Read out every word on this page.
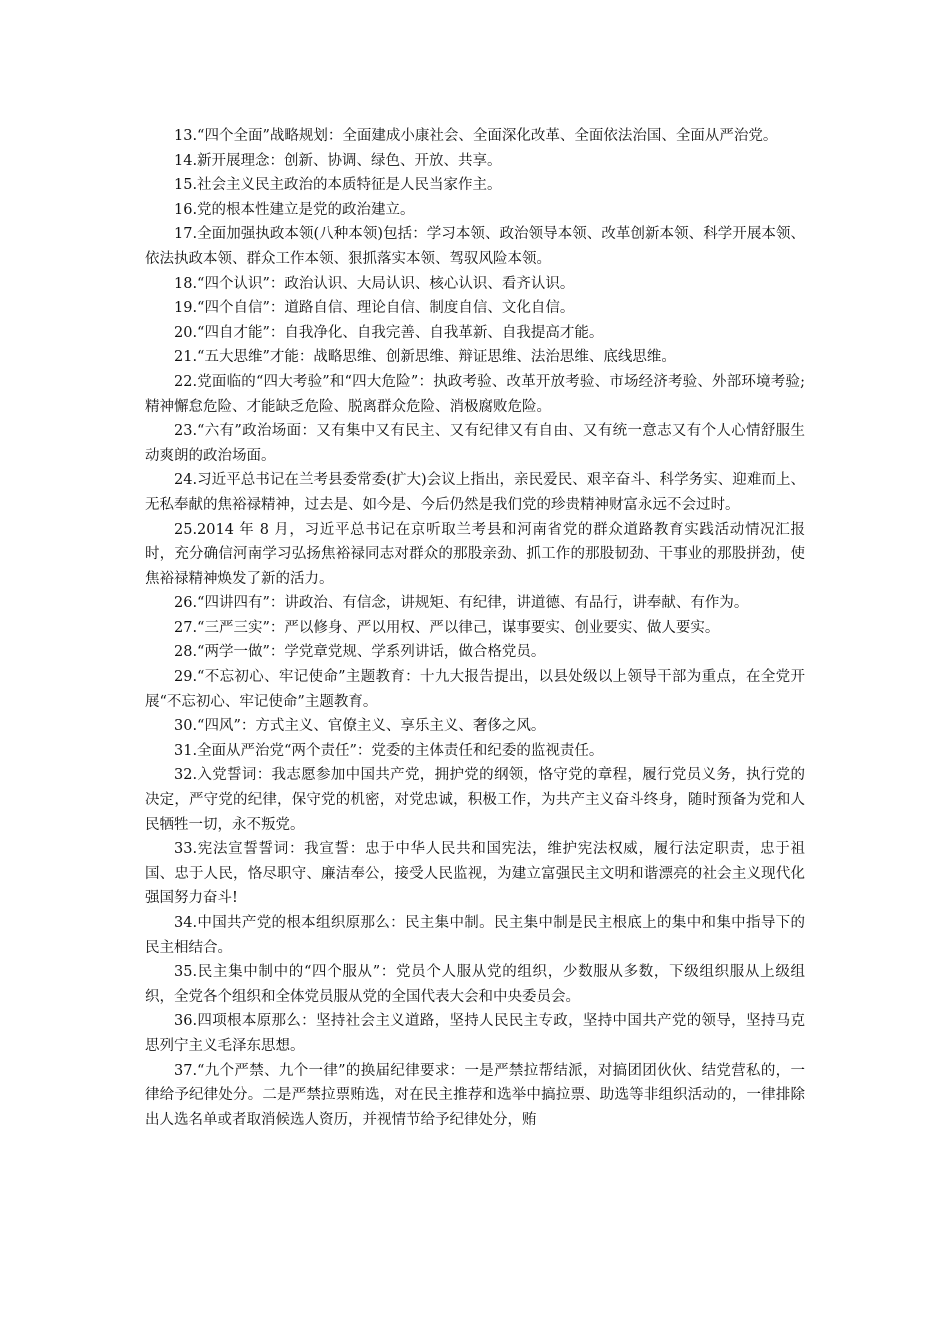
13.“四个全面”战略规划：全面建成小康社会、全面深化改革、全面依法治国、全面从严治党。

14.新开展理念：创新、协调、绿色、开放、共享。

15.社会主义民主政治的本质特征是人民当家作主。

16.党的根本性建立是党的政治建立。

17.全面加强执政本领(八种本领)包括：学习本领、政治领导本领、改革创新本领、科学开展本领、依法执政本领、群众工作本领、狠抓落实本领、驾驭风险本领。

18.“四个认识”：政治认识、大局认识、核心认识、看齐认识。

19.“四个自信”：道路自信、理论自信、制度自信、文化自信。

20.“四自才能”：自我净化、自我完善、自我革新、自我提高才能。

21.“五大思维”才能：战略思维、创新思维、辩证思维、法治思维、底线思维。

22.党面临的“四大考验”和“四大危险”：执政考验、改革开放考验、市场经济考验、外部环境考验;精神懈怠危险、才能缺乏危险、脱离群众危险、消极腐败危险。

23.“六有”政治场面：又有集中又有民主、又有纪律又有自由、又有统一意志又有个人心情舒服生动爽朗的政治场面。

24.习近平总书记在兰考县委常委(扩大)会议上指出，亲民爱民、艰辛奋斗、科学务实、迎难而上、无私奉献的焦裕禄精神，过去是、如今是、今后仍然是我们党的珍贵精神财富永远不会过时。

25.2014 年 8 月，习近平总书记在京听取兰考县和河南省党的群众道路教育实践活动情况汇报时，充分确信河南学习弘扬焦裕禄同志对群众的那股亲劲、抓工作的那股韧劲、干事业的那股拼劲，使焦裕禄精神焕发了新的活力。

26.“四讲四有”：讲政治、有信念，讲规矩、有纪律，讲道德、有品行，讲奉献、有作为。

27.“三严三实”：严以修身、严以用权、严以律己，谋事要实、创业要实、做人要实。

28.“两学一做”：学党章党规、学系列讲话，做合格党员。

29.“不忘初心、牢记使命”主题教育：十九大报告提出，以县处级以上领导干部为重点，在全党开展“不忘初心、牢记使命”主题教育。

30.“四风”：方式主义、官僚主义、享乐主义、奢侈之风。

31.全面从严治党“两个责任”：党委的主体责任和纪委的监视责任。

32.入党誓词：我志愿参加中国共产党，拥护党的纲领，恪守党的章程，履行党员义务，执行党的决定，严守党的纪律，保守党的机密，对党忠诚，积极工作，为共产主义奋斗终身，随时预备为党和人民牺牲一切，永不叛党。

33.宪法宣誓誓词：我宣誓：忠于中华人民共和国宪法，维护宪法权威，履行法定职责，忠于祖国、忠于人民，恪尽职守、廉洁奉公，接受人民监视，为建立富强民主文明和谐漂亮的社会主义现代化强国努力奋斗!

34.中国共产党的根本组织原那么：民主集中制。民主集中制是民主根底上的集中和集中指导下的民主相结合。

35.民主集中制中的“四个服从”：党员个人服从党的组织，少数服从多数，下级组织服从上级组织，全党各个组织和全体党员服从党的全国代表大会和中央委员会。

36.四项根本原那么：坚持社会主义道路，坚持人民民主专政，坚持中国共产党的领导，坚持马克思列宁主义毛泽东思想。

37.“九个严禁、九个一律”的换届纪律要求：一是严禁拉帮结派，对搞团团伙伙、结党营私的，一律给予纪律处分。二是严禁拉票贿选，对在民主推荐和选举中搞拉票、助选等非组织活动的，一律排除出人选名单或者取消候选人资历，并视情节给予纪律处分，贿
